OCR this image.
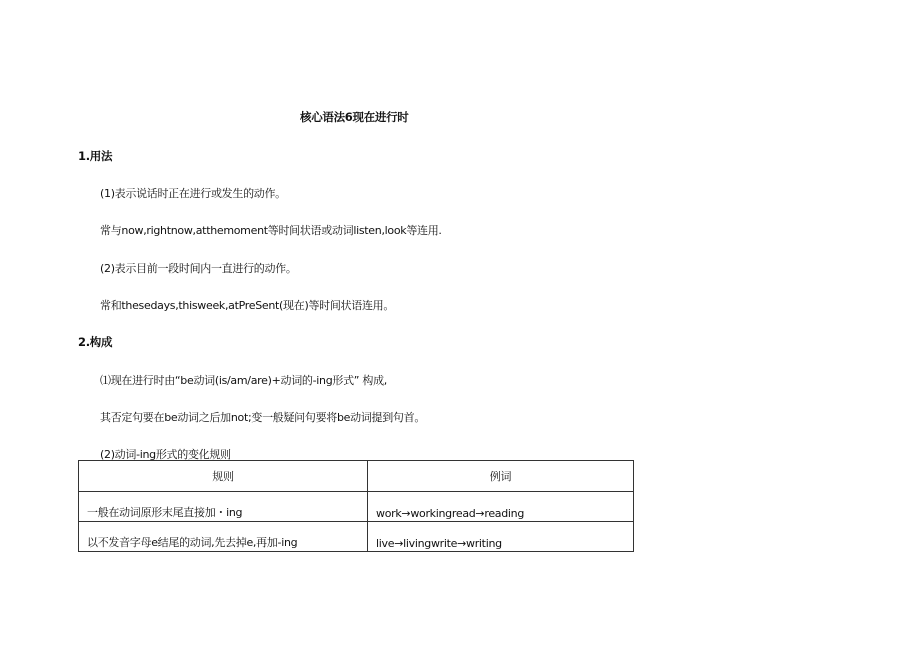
核心语法6现在进行时
1.用法
(1)表示说话时正在进行或发生的动作。
常与now,rightnow,atthemoment等时间状语或动词listen,look等连用.
(2)表示目前一段时间内一直进行的动作。
常和thesedays,thisweek,atPreSent(现在)等时间状语连用。
2.构成
⑴现在进行时由“be动词(is/am/are)+动词的-ing形式” 构成,
其否定句要在be动词之后加not;变一般疑问句要将be动词提到句首。
(2)动词-ing形式的变化规则
规则	例词
一般在动词原形末尾直接加・ing	work→workingread→reading
以不发音字母e结尾的动词,先去掉e,再加-ing	live→livingwrite→writing
